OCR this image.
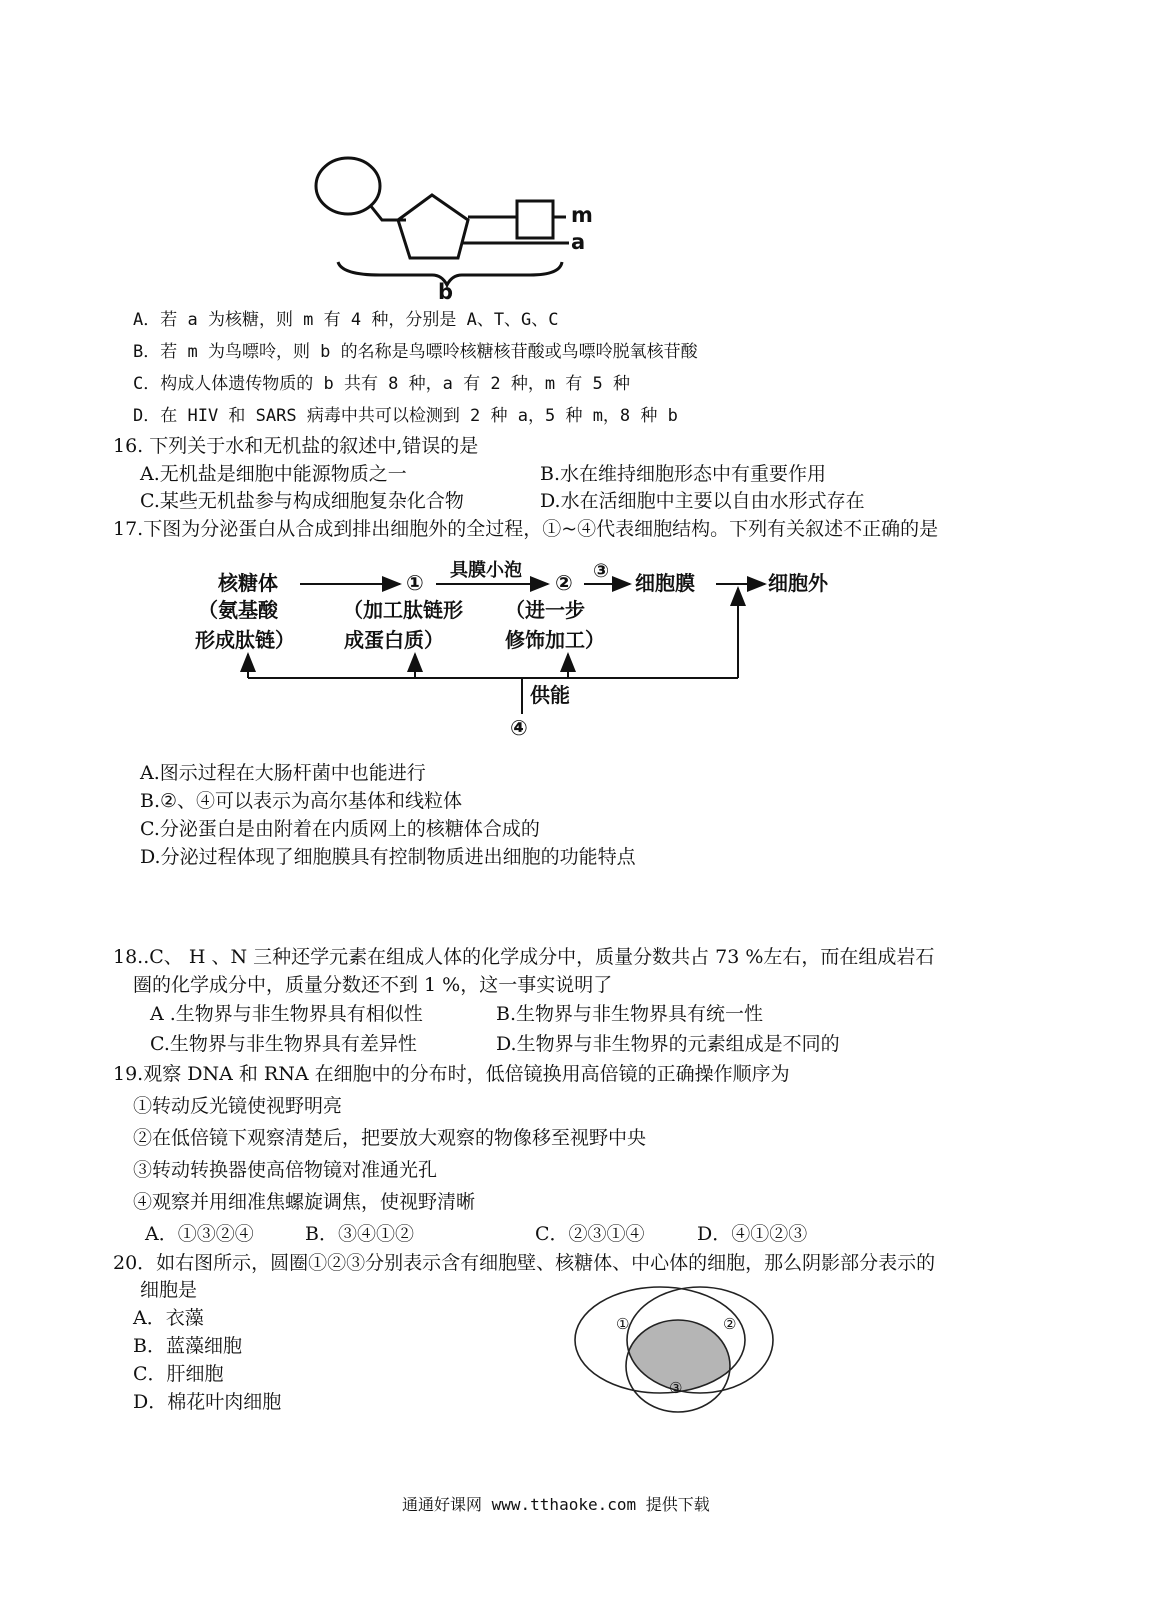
m
a
b
A．若 a 为核糖，则 m 有 4 种，分别是 A、T、G、C
B．若 m 为鸟嘌呤，则 b 的名称是鸟嘌呤核糖核苷酸或鸟嘌呤脱氧核苷酸
C．构成人体遗传物质的 b 共有 8 种，a 有 2 种，m 有 5 种
D．在 HIV 和 SARS 病毒中共可以检测到 2 种 a，5 种 m，8 种 b
16. 下列关于水和无机盐的叙述中,错误的是
A.无机盐是细胞中能源物质之一	B.水在维持细胞形态中有重要作用
C.某些无机盐参与构成细胞复杂化合物	D.水在活细胞中主要以自由水形式存在
17.下图为分泌蛋白从合成到排出细胞外的全过程，①~④代表细胞结构。下列有关叙述不正确的是
核糖体
（氨基酸
形成肽链）
①
（加工肽链形
成蛋白质）
具膜小泡
②
（进一步
修饰加工）
③ 细胞膜	细胞外
供能
④
A.图示过程在大肠杆菌中也能进行
B.②、④可以表示为高尔基体和线粒体
C.分泌蛋白是由附着在内质网上的核糖体合成的
D.分泌过程体现了细胞膜具有控制物质进出细胞的功能特点
18..C、 H 、N 三种还学元素在组成人体的化学成分中，质量分数共占 73 %左右，而在组成岩石
圈的化学成分中，质量分数还不到 1 %，这一事实说明了
A .生物界与非生物界具有相似性	B.生物界与非生物界具有统一性
C.生物界与非生物界具有差异性	D.生物界与非生物界的元素组成是不同的
19.观察 DNA 和 RNA 在细胞中的分布时，低倍镜换用高倍镜的正确操作顺序为
①转动反光镜使视野明亮
②在低倍镜下观察清楚后，把要放大观察的物像移至视野中央
③转动转换器使高倍物镜对准通光孔
④观察并用细准焦螺旋调焦，使视野清晰
A．①③②④	B．③④①②	C．②③①④	D．④①②③
20．如右图所示，圆圈①②③分别表示含有细胞壁、核糖体、中心体的细胞，那么阴影部分表示的
细胞是
A．衣藻
B．蓝藻细胞
C．肝细胞
D．棉花叶肉细胞
①	②
③
通通好课网 www.tthaoke.com 提供下载
